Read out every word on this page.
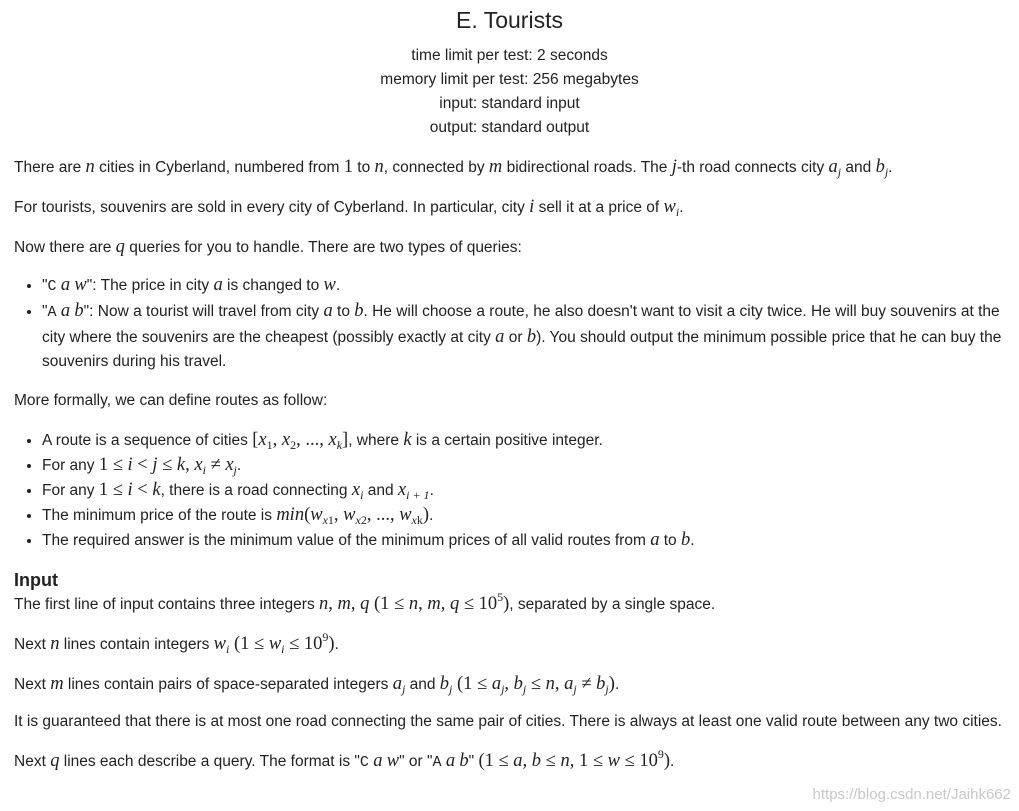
E. Tourists
time limit per test: 2 seconds
memory limit per test: 256 megabytes
input: standard input
output: standard output

There are n cities in Cyberland, numbered from 1 to n, connected by m bidirectional roads. The j-th road connects city $a_j$ and $b_j$.

For tourists, souvenirs are sold in every city of Cyberland. In particular, city i sell it at a price of $w_i$.

Now there are q queries for you to handle. There are two types of queries:

• "C a w": The price in city a is changed to w.
• "A a b": Now a tourist will travel from city a to b. He will choose a route, he also doesn't want to visit a city twice. He will buy souvenirs at the city where the souvenirs are the cheapest (possibly exactly at city a or b). You should output the minimum possible price that he can buy the souvenirs during his travel.

More formally, we can define routes as follow:

• A route is a sequence of cities [$x_1$, $x_2$, ..., $x_k$], where k is a certain positive integer.
• For any 1 ≤ i < j ≤ k, $x_i \ne x_j$.
• For any 1 ≤ i < k, there is a road connecting $x_i$ and $x_{i + 1}$.
• The minimum price of the route is $\min(w_{x1}$, $w_{x2}$, ..., $w_{xk}$).
• The required answer is the minimum value of the minimum prices of all valid routes from a to b.
Input

The first line of input contains three integers n, m, q (1 ≤ n, m, $q \le 10^5$), separated by a single space.

Next n lines contain integers $w_i$ $(1 \le w_i \le 10^9)$.

Next m lines contain pairs of space-separated integers $a_j$ and $b_j$ ($1 \le a_j$, $b_j \le n$, $a_j \ne b_j$).

It is guaranteed that there is at most one road connecting the same pair of cities. There is always at least one valid route between any two cities.

Next q lines each describe a query. The format is "C a w" or "A a b" (1 ≤ a, b ≤ n, $1 \le w \le 10^9$).

https://blog.csdn.net/Jaihk662
